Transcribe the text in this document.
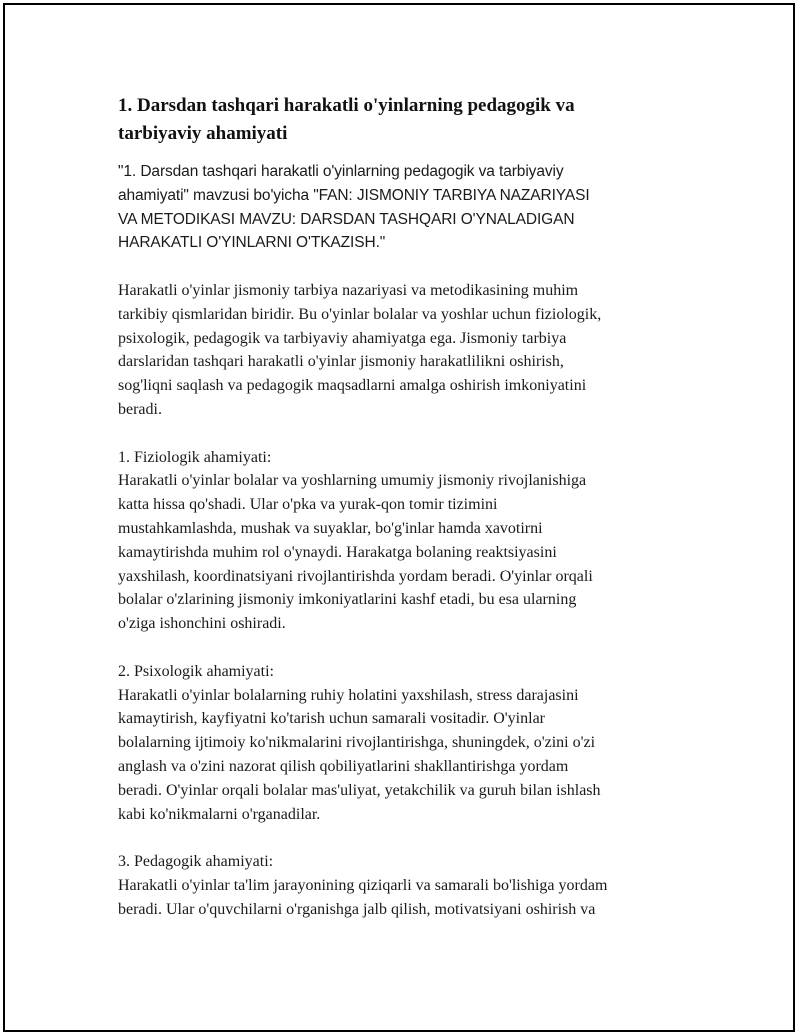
1. Darsdan tashqari harakatli o'yinlarning pedagogik va
tarbiyaviy ahamiyati
"1. Darsdan tashqari harakatli o'yinlarning pedagogik va tarbiyaviy
ahamiyati" mavzusi bo'yicha "FAN: JISMONIY TARBIYA NAZARIYASI
VA METODIKASI MAVZU: DARSDAN TASHQARI O'YNALADIGAN
HARAKATLI O'YINLARNI O'TKAZISH."
Harakatli o'yinlar jismoniy tarbiya nazariyasi va metodikasining muhim
tarkibiy qismlaridan biridir. Bu o'yinlar bolalar va yoshlar uchun fiziologik,
psixologik, pedagogik va tarbiyaviy ahamiyatga ega. Jismoniy tarbiya
darslaridan tashqari harakatli o'yinlar jismoniy harakatlilikni oshirish,
sog'liqni saqlash va pedagogik maqsadlarni amalga oshirish imkoniyatini
beradi.
1. Fiziologik ahamiyati:
Harakatli o'yinlar bolalar va yoshlarning umumiy jismoniy rivojlanishiga
katta hissa qo'shadi. Ular o'pka va yurak-qon tomir tizimini
mustahkamlashda, mushak va suyaklar, bo'g'inlar hamda xavotirni
kamaytirishda muhim rol o'ynaydi. Harakatga bolaning reaktsiyasini
yaxshilash, koordinatsiyani rivojlantirishda yordam beradi. O'yinlar orqali
bolalar o'zlarining jismoniy imkoniyatlarini kashf etadi, bu esa ularning
o'ziga ishonchini oshiradi.
2. Psixologik ahamiyati:
Harakatli o'yinlar bolalarning ruhiy holatini yaxshilash, stress darajasini
kamaytirish, kayfiyatni ko'tarish uchun samarali vositadir. O'yinlar
bolalarning ijtimoiy ko'nikmalarini rivojlantirishga, shuningdek, o'zini o'zi
anglash va o'zini nazorat qilish qobiliyatlarini shakllantirishga yordam
beradi. O'yinlar orqali bolalar mas'uliyat, yetakchilik va guruh bilan ishlash
kabi ko'nikmalarni o'rganadilar.
3. Pedagogik ahamiyati:
Harakatli o'yinlar ta'lim jarayonining qiziqarli va samarali bo'lishiga yordam
beradi. Ular o'quvchilarni o'rganishga jalb qilish, motivatsiyani oshirish va
